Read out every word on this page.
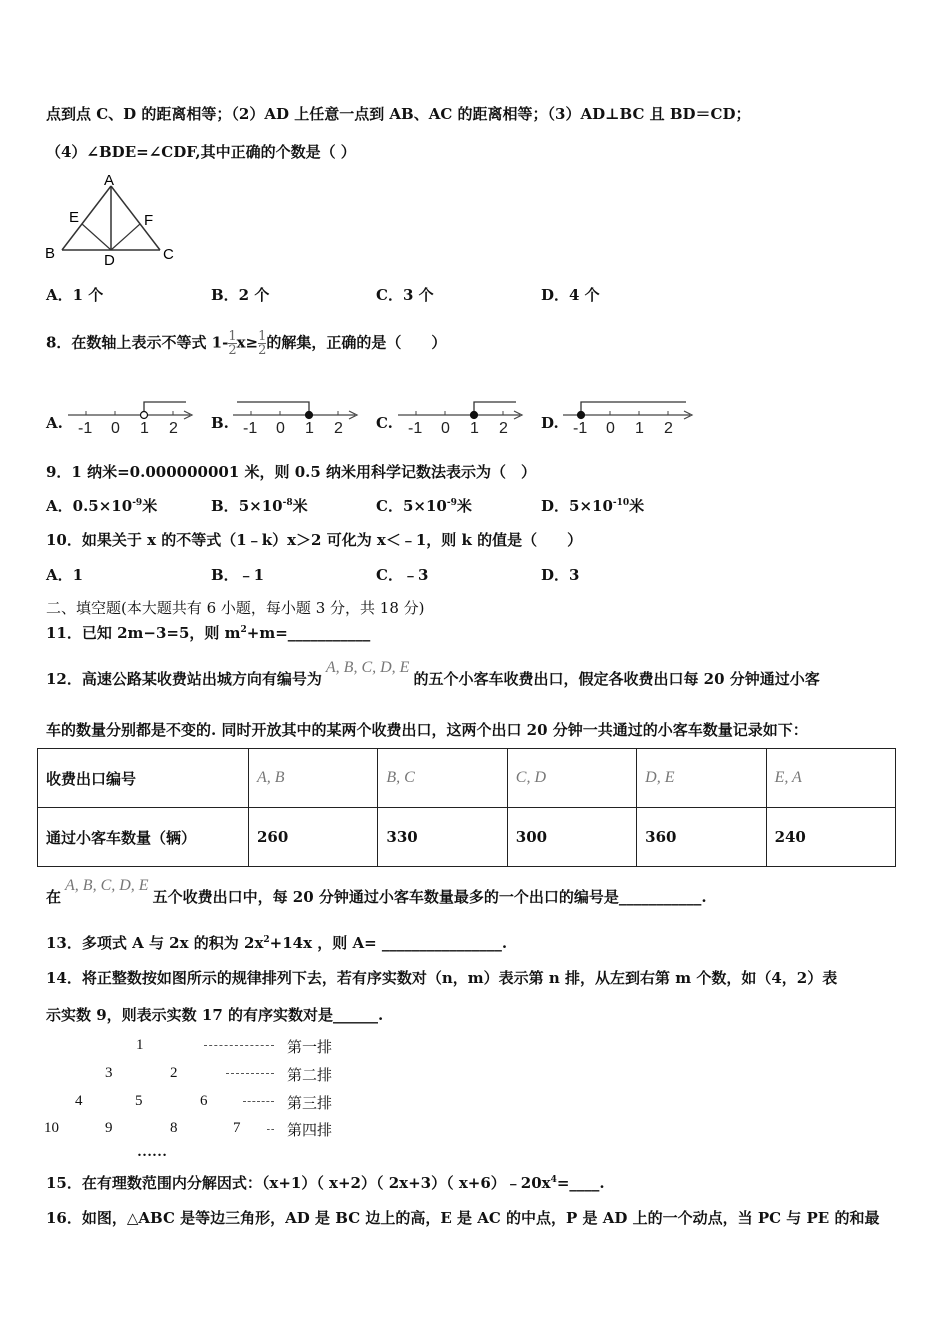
点到点 C、D 的距离相等；（2）AD 上任意一点到 AB、AC 的距离相等；（3）AD⊥BC 且 BD＝CD；
（4）∠BDE=∠CDF,其中正确的个数是（ ）
A
B	C
D
E	F
A．1 个	B．2 个	C．3 个	D．4 个
8．在数轴上表示不等式 $1- \frac{1}{2} x\ge \frac{1}{2}$ 的解集，正确的是（　　）
A.	B.	C.	D.
-1 0 1 2	-1 0 1 2	-1 0 1 2	-1 0 1 2
9．1 纳米=0.000000001 米，则 0.5 纳米用科学记数法表示为（　）
A．$0.5\times 10^{-9}$米	B．$5\times 10^{-8}$米	C．$5\times 10^{-9}$米	D．$5\times 10^{-10}$米
10．如果关于 x 的不等式（1﹣k）x＞2 可化为 x＜﹣1，则 k 的值是（　　）
A．1	B．﹣1	C．﹣3	D．3
二、填空题(本大题共有 6 小题，每小题 3 分，共 18 分)
11．已知 2m−3=5，则 $m^2+m=\_\_\_\_\_\_\_\_\_\_\_$
12．高速公路某收费站出城方向有编号为A, B, C, D, E的五个小客车收费出口，假定各收费出口每 20 分钟通过小客
车的数量分别都是不变的. 同时开放其中的某两个收费出口，这两个出口 20 分钟一共通过的小客车数量记录如下：
收费出口编号	A, B	B, C	C, D	D, E	E, A
通过小客车数量（辆）	260	330	300	360	240
在A, B, C, D, E五个收费出口中，每 20 分钟通过小客车数量最多的一个出口的编号是___________.
13．多项式 A 与 2x 的积为 $2x^2+14x$ ，则 A= ________________.
14．将正整数按如图所示的规律排列下去，若有序实数对（n，m）表示第 n 排，从左到右第 m 个数，如（4，2）表
示实数 9，则表示实数 17 的有序实数对是______.
1
3	2
4	5	6
10	9	8	7
第一排
第二排
第三排
第四排
……
15．在有理数范围内分解因式：（x+1）（ x+2）（ 2x+3）（ $x+6)﹣20x^4=\_\_\_\_$.
16．如图，△ABC 是等边三角形，AD 是 BC 边上的高，E 是 AC 的中点，P 是 AD 上的一个动点，当 PC 与 PE 的和最
